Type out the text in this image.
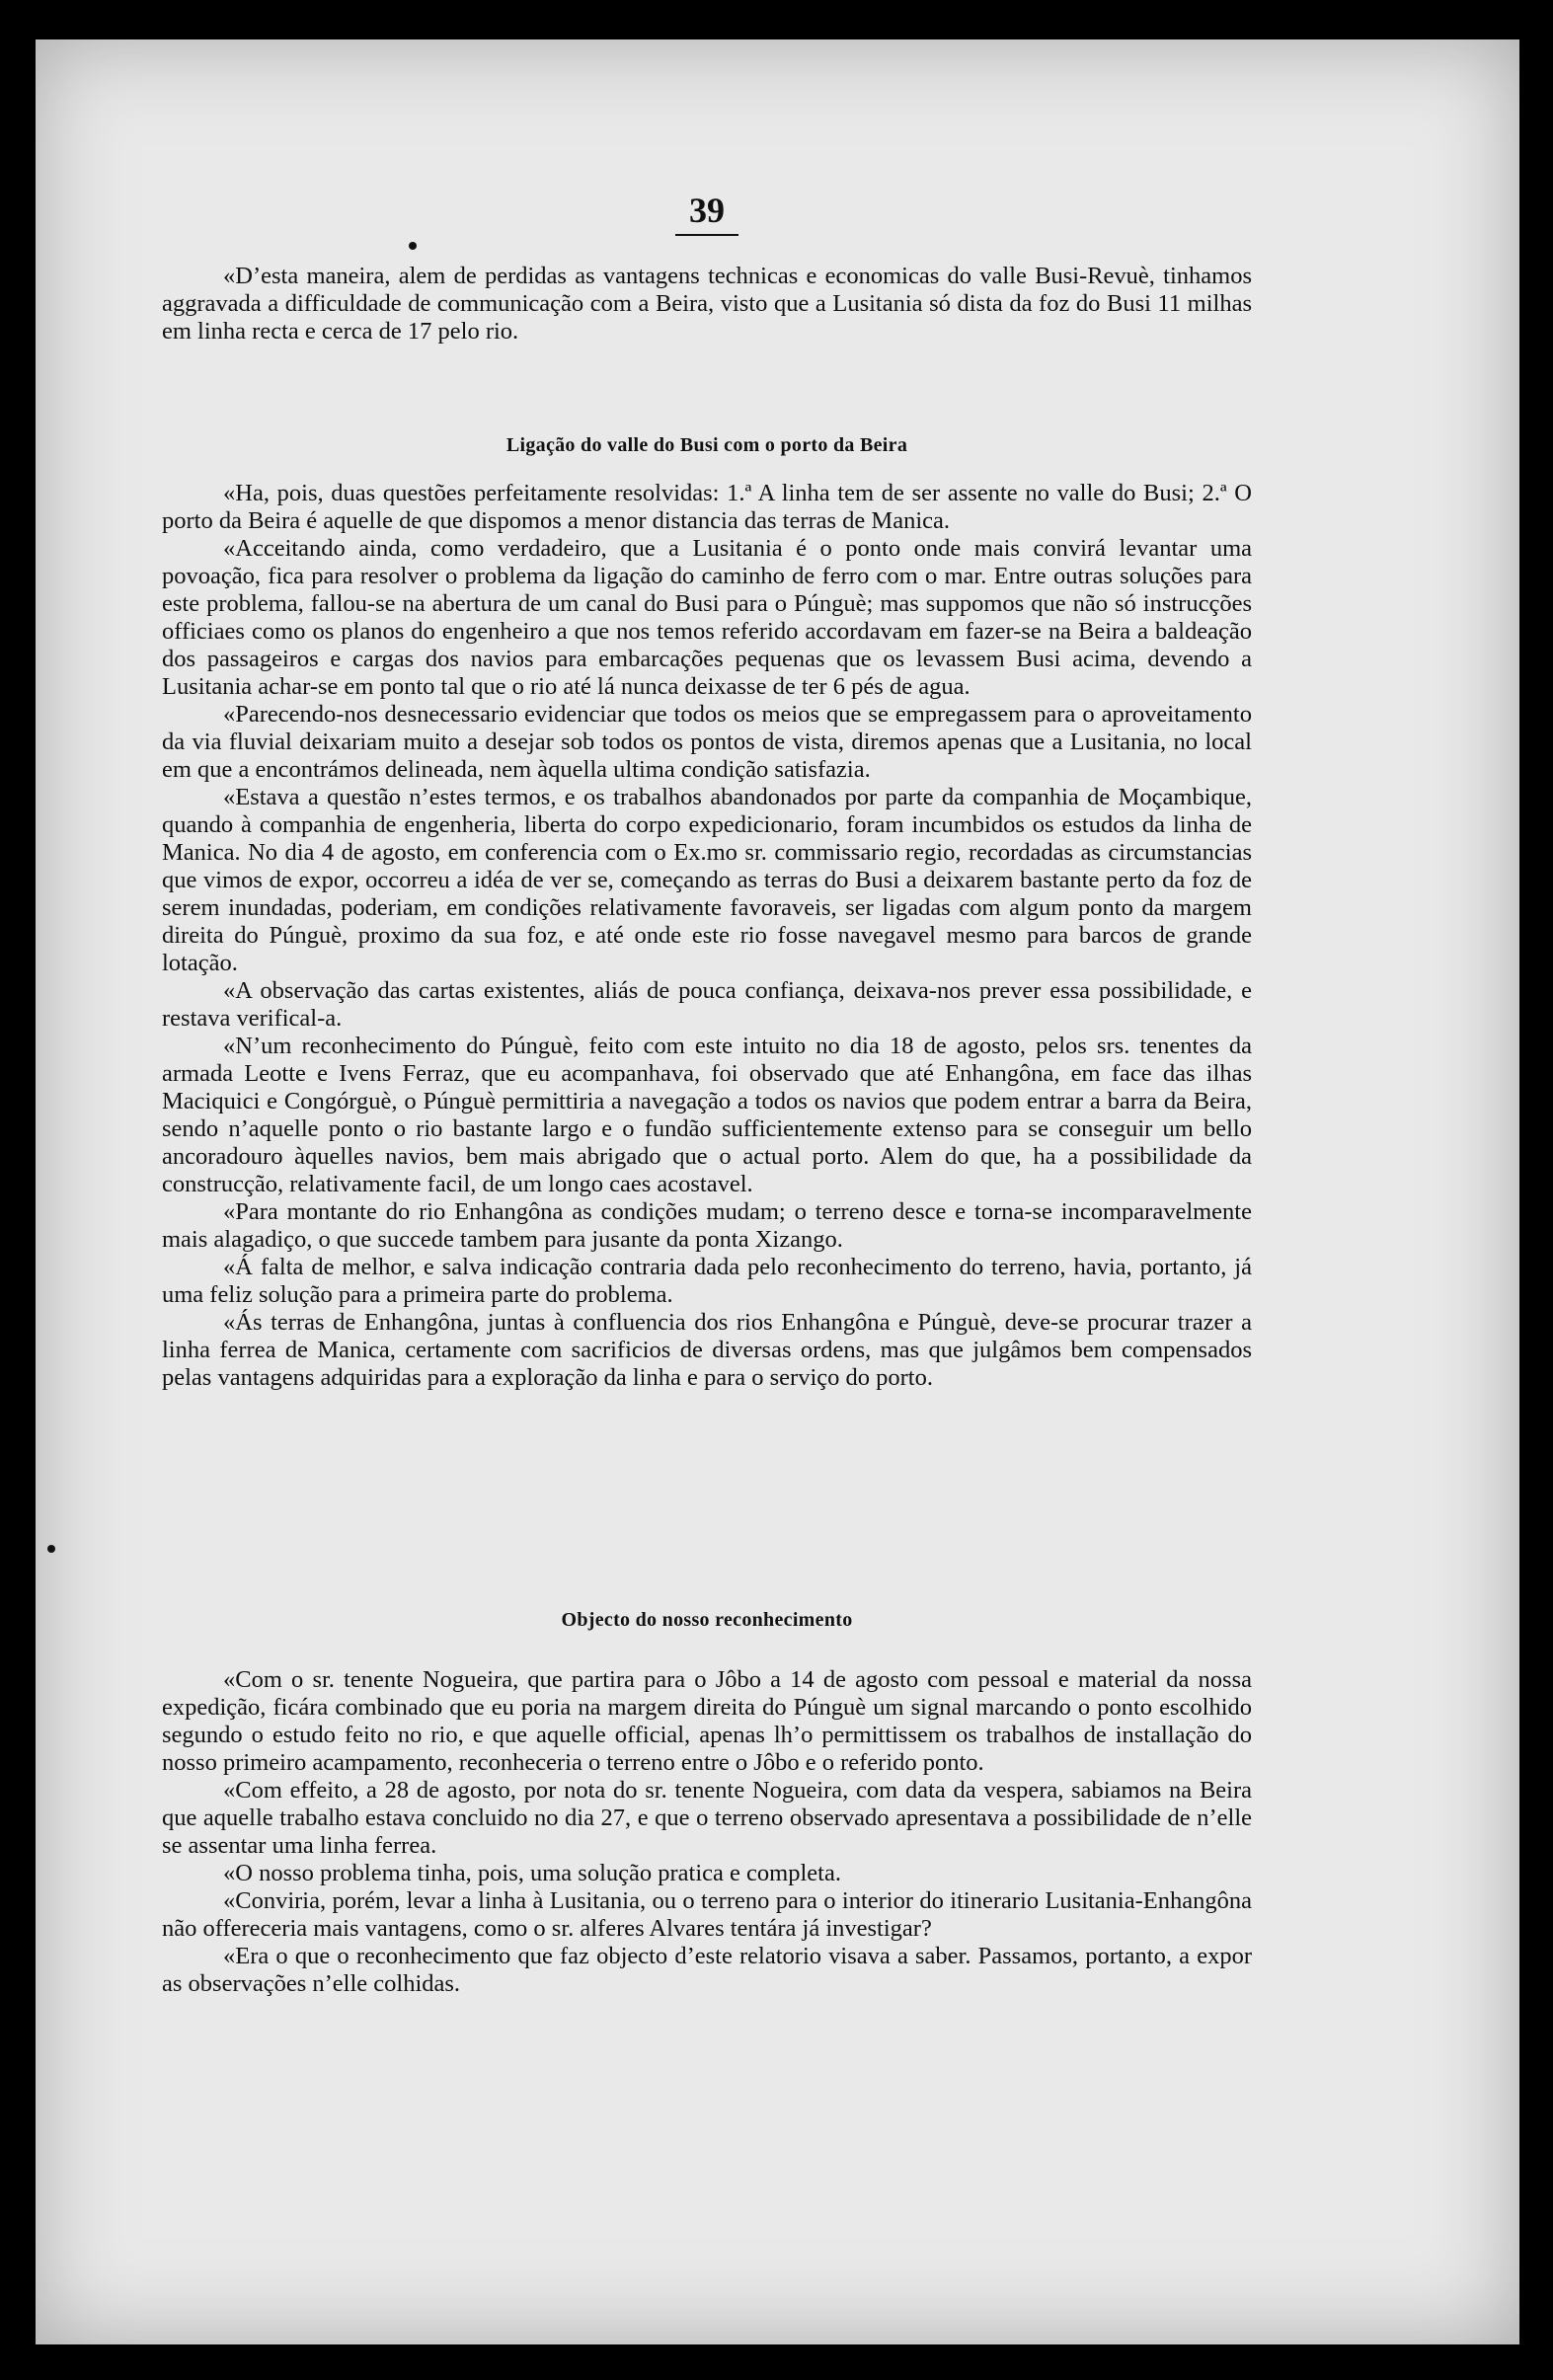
39

«D’esta maneira, alem de perdidas as vantagens technicas e economicas do valle Busi-Revuè, tinhamos aggravada a difficuldade de communicação com a Beira, visto que a Lusitania só dista da foz do Busi 11 milhas em linha recta e cerca de 17 pelo rio.

Ligação do valle do Busi com o porto da Beira

«Ha, pois, duas questões perfeitamente resolvidas: 1.ª A linha tem de ser assente no valle do Busi; 2.ª O porto da Beira é aquelle de que dispomos a menor distancia das terras de Manica.

«Acceitando ainda, como verdadeiro, que a Lusitania é o ponto onde mais convirá levantar uma povoação, fica para resolver o problema da ligação do caminho de ferro com o mar. Entre outras soluções para este problema, fallou-se na abertura de um canal do Busi para o Púnguè; mas suppomos que não só instrucções officiaes como os planos do engenheiro a que nos temos referido accordavam em fazer-se na Beira a baldeação dos passageiros e cargas dos navios para embarcações pequenas que os levassem Busi acima, devendo a Lusitania achar-se em ponto tal que o rio até lá nunca deixasse de ter 6 pés de agua.

«Parecendo-nos desnecessario evidenciar que todos os meios que se empregassem para o aproveitamento da via fluvial deixariam muito a desejar sob todos os pontos de vista, diremos apenas que a Lusitania, no local em que a encontrámos delineada, nem àquella ultima condição satisfazia.

«Estava a questão n’estes termos, e os trabalhos abandonados por parte da companhia de Moçambique, quando à companhia de engenheria, liberta do corpo expedicionario, foram incumbidos os estudos da linha de Manica. No dia 4 de agosto, em conferencia com o Ex.mo sr. commissario regio, recordadas as circumstancias que vimos de expor, occorreu a idéa de ver se, começando as terras do Busi a deixarem bastante perto da foz de serem inundadas, poderiam, em condições relativamente favoraveis, ser ligadas com algum ponto da margem direita do Púnguè, proximo da sua foz, e até onde este rio fosse navegavel mesmo para barcos de grande lotação.

«A observação das cartas existentes, aliás de pouca confiança, deixava-nos prever essa possibilidade, e restava verifical-a.

«N’um reconhecimento do Púnguè, feito com este intuito no dia 18 de agosto, pelos srs. tenentes da armada Leotte e Ivens Ferraz, que eu acompanhava, foi observado que até Enhangôna, em face das ilhas Maciquici e Congórguè, o Púnguè permittiria a navegação a todos os navios que podem entrar a barra da Beira, sendo n’aquelle ponto o rio bastante largo e o fundão sufficientemente extenso para se conseguir um bello ancoradouro àquelles navios, bem mais abrigado que o actual porto. Alem do que, ha a possibilidade da construcção, relativamente facil, de um longo caes acostavel.

«Para montante do rio Enhangôna as condições mudam; o terreno desce e torna-se incomparavelmente mais alagadiço, o que succede tambem para jusante da ponta Xizango.

«Á falta de melhor, e salva indicação contraria dada pelo reconhecimento do terreno, havia, portanto, já uma feliz solução para a primeira parte do problema.

«Ás terras de Enhangôna, juntas à confluencia dos rios Enhangôna e Púnguè, deve-se procurar trazer a linha ferrea de Manica, certamente com sacrificios de diversas ordens, mas que julgâmos bem compensados pelas vantagens adquiridas para a exploração da linha e para o serviço do porto.

Objecto do nosso reconhecimento

«Com o sr. tenente Nogueira, que partira para o Jôbo a 14 de agosto com pessoal e material da nossa expedição, ficára combinado que eu poria na margem direita do Púnguè um signal marcando o ponto escolhido segundo o estudo feito no rio, e que aquelle official, apenas lh’o permittissem os trabalhos de installação do nosso primeiro acampamento, reconheceria o terreno entre o Jôbo e o referido ponto.

«Com effeito, a 28 de agosto, por nota do sr. tenente Nogueira, com data da vespera, sabiamos na Beira que aquelle trabalho estava concluido no dia 27, e que o terreno observado apresentava a possibilidade de n’elle se assentar uma linha ferrea.

«O nosso problema tinha, pois, uma solução pratica e completa.

«Conviria, porém, levar a linha à Lusitania, ou o terreno para o interior do itinerario Lusitania-Enhangôna não offereceria mais vantagens, como o sr. alferes Alvares tentára já investigar?

«Era o que o reconhecimento que faz objecto d’este relatorio visava a saber. Passamos, portanto, a expor as observações n’elle colhidas.
